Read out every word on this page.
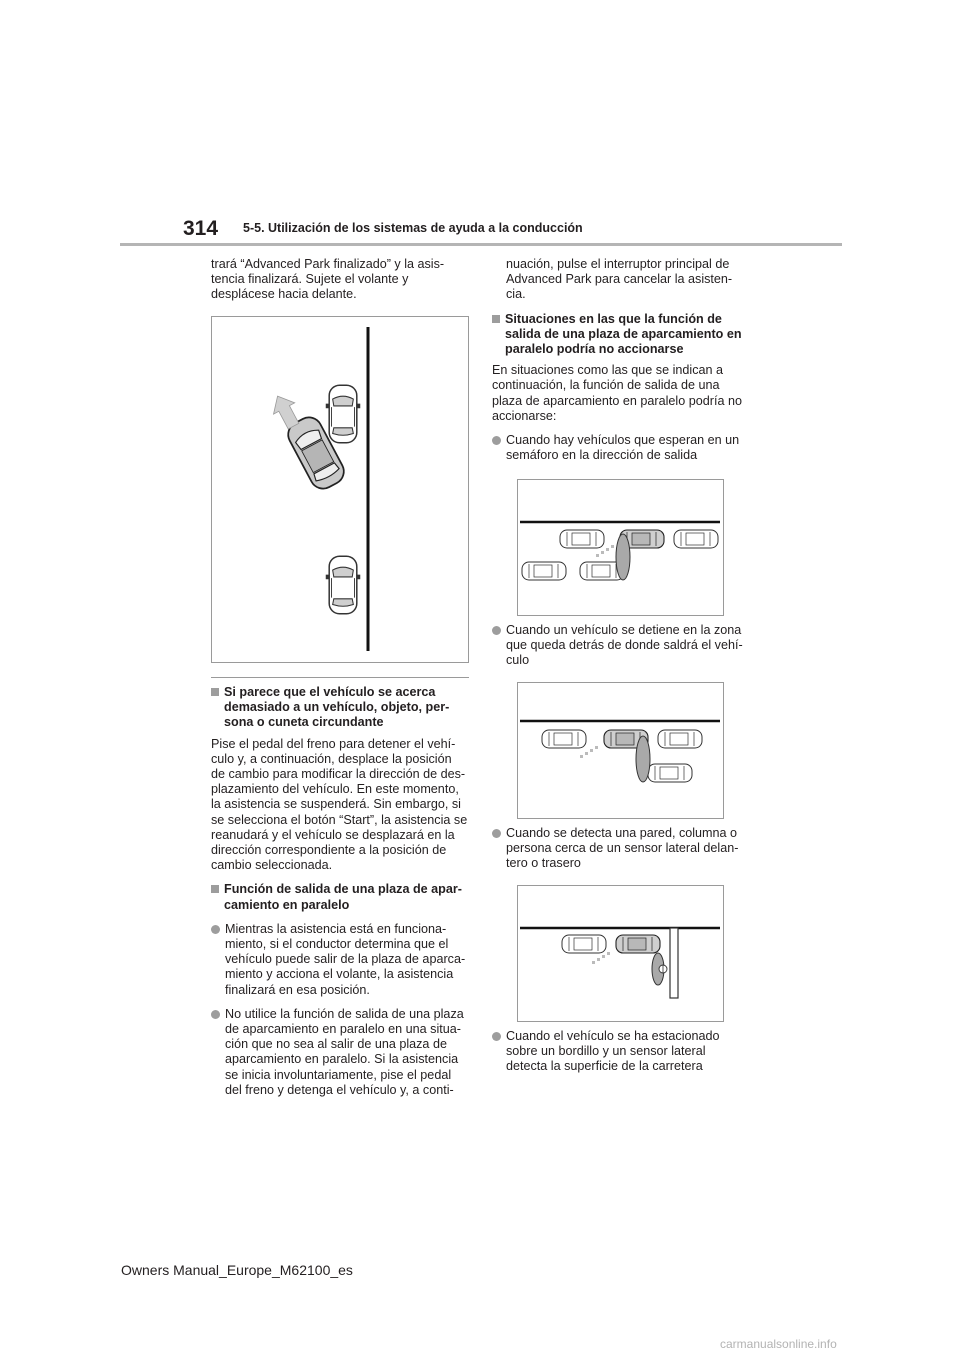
314 5-5. Utilización de los sistemas de ayuda a la conducción

trará “Advanced Park finalizado” y la asis- tencia finalizará. Sujete el volante y desplácese hacia delante.

Si parece que el vehículo se acerca demasiado a un vehículo, objeto, per- sona o cuneta circundante

Pise el pedal del freno para detener el vehí- culo y, a continuación, desplace la posición de cambio para modificar la dirección de des- plazamiento del vehículo. En este momento, la asistencia se suspenderá. Sin embargo, si se selecciona el botón “Start”, la asistencia se reanudará y el vehículo se desplazará en la dirección correspondiente a la posición de cambio seleccionada.

Función de salida de una plaza de apar- camiento en paralelo

Mientras la asistencia está en funciona- miento, si el conductor determina que el vehículo puede salir de la plaza de aparca- miento y acciona el volante, la asistencia finalizará en esa posición.

No utilice la función de salida de una plaza de aparcamiento en paralelo en una situa- ción que no sea al salir de una plaza de aparcamiento en paralelo. Si la asistencia se inicia involuntariamente, pise el pedal del freno y detenga el vehículo y, a conti-

nuación, pulse el interruptor principal de Advanced Park para cancelar la asisten- cia.

Situaciones en las que la función de salida de una plaza de aparcamiento en paralelo podría no accionarse

En situaciones como las que se indican a continuación, la función de salida de una plaza de aparcamiento en paralelo podría no accionarse:

Cuando hay vehículos que esperan en un semáforo en la dirección de salida

Cuando un vehículo se detiene en la zona que queda detrás de donde saldrá el vehí- culo

Cuando se detecta una pared, columna o persona cerca de un sensor lateral delan- tero o trasero

Cuando el vehículo se ha estacionado sobre un bordillo y un sensor lateral detecta la superficie de la carretera

Owners Manual_Europe_M62100_es
carmanualsonline.info
